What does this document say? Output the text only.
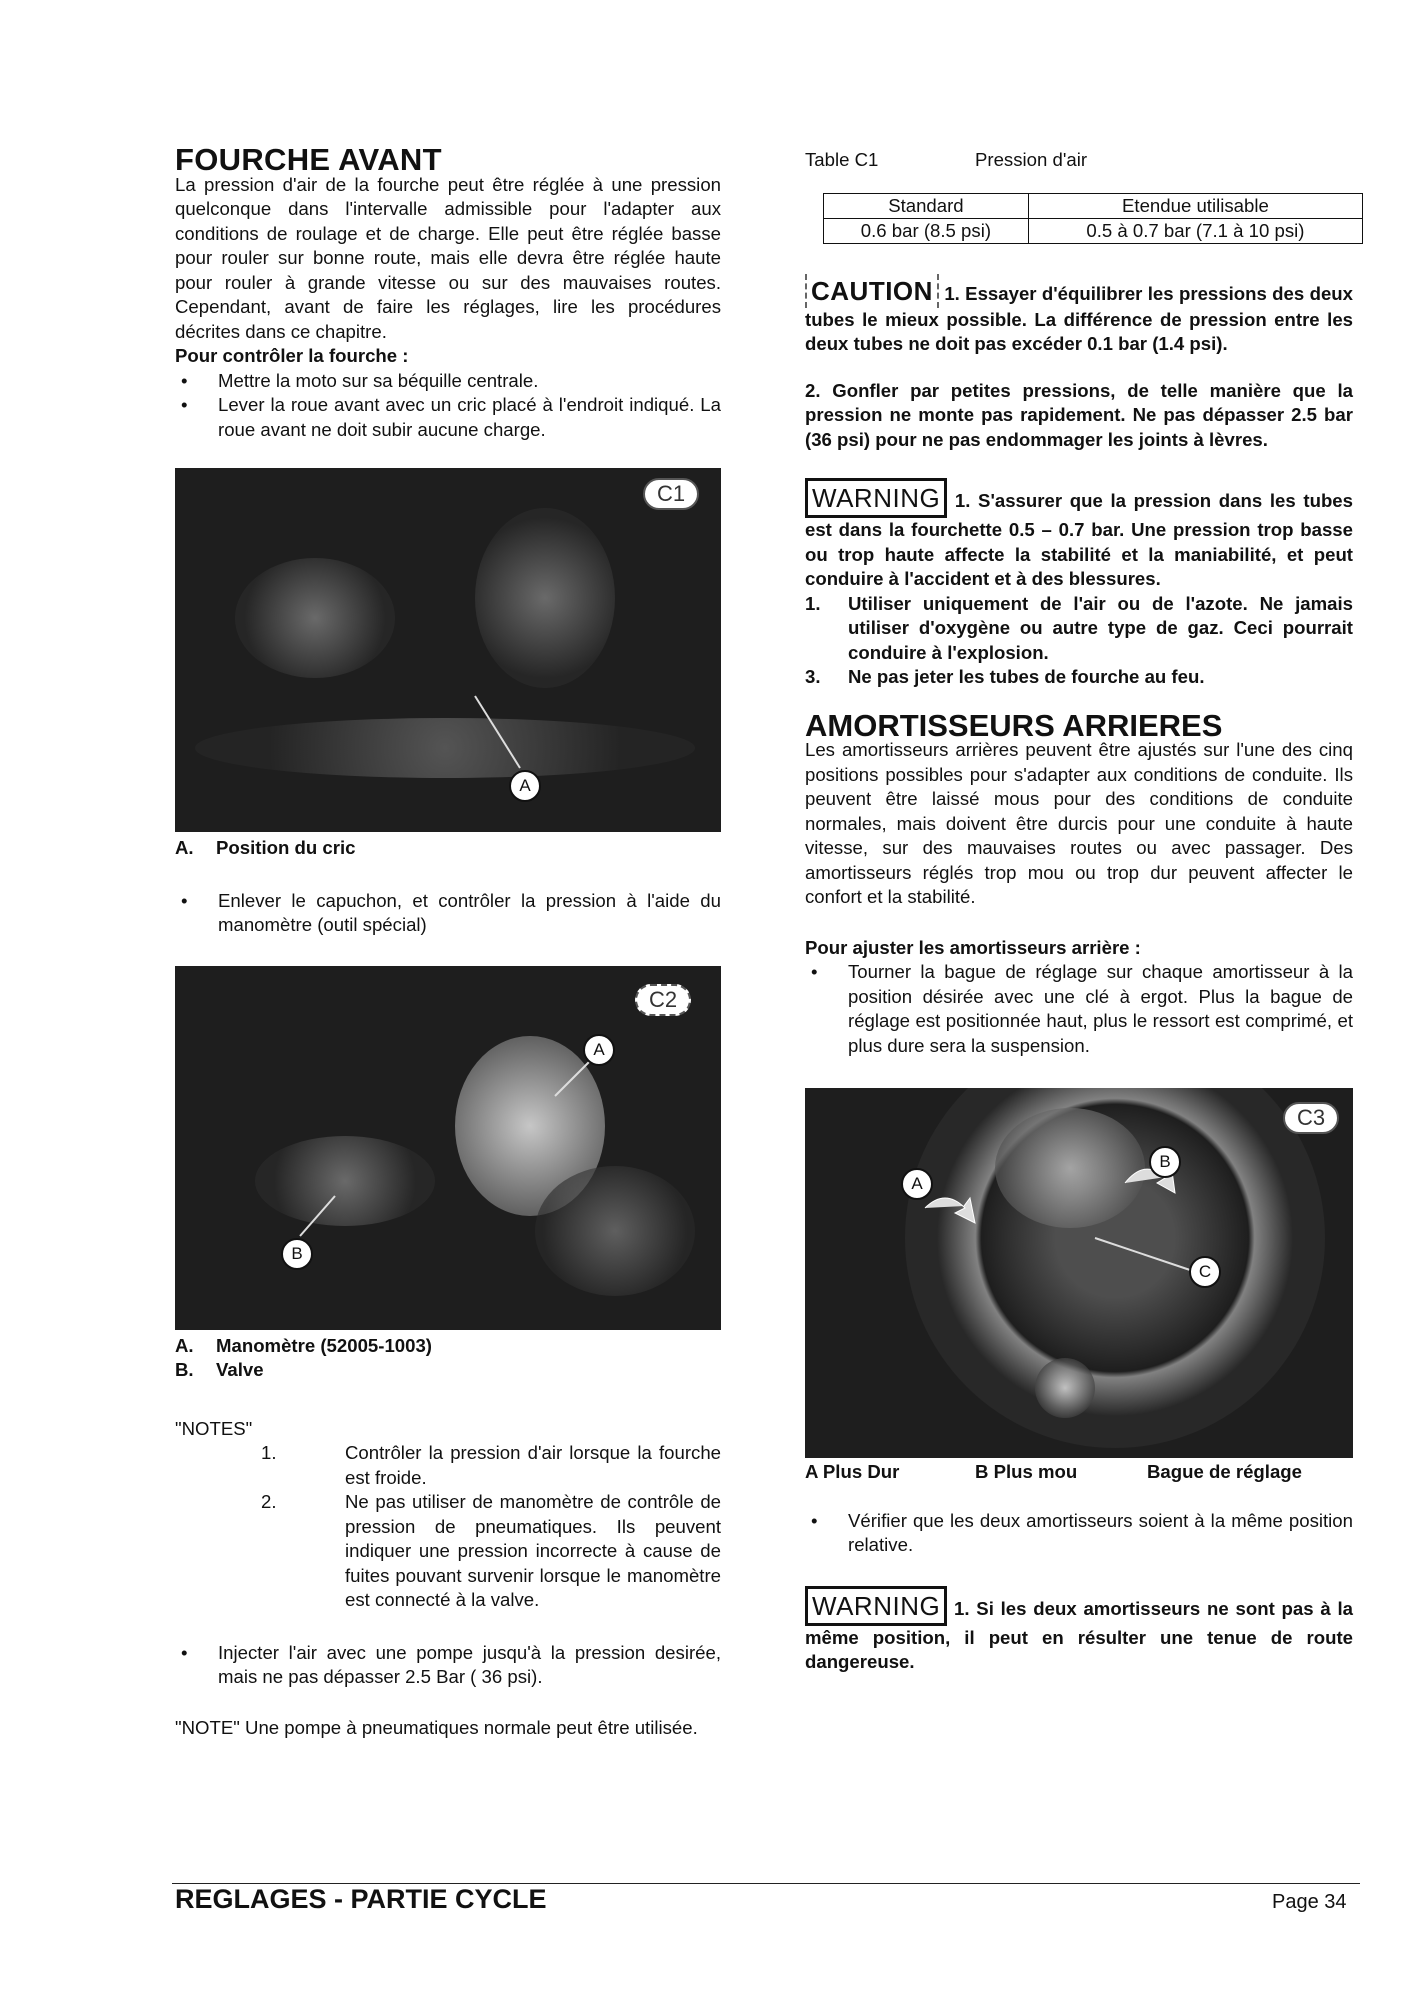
FOURCHE AVANT

La pression d'air de la fourche peut être réglée à une pression quelconque dans l'intervalle admissible pour l'adapter aux conditions de roulage et de charge. Elle peut être réglée basse pour rouler sur bonne route, mais elle devra être réglée haute pour rouler à grande vitesse ou sur des mauvaises routes. Cependant, avant de faire les réglages, lire les procédures décrites dans ce chapitre.

Pour contrôler la fourche :
• Mettre la moto sur sa béquille centrale.
• Lever la roue avant avec un cric placé à l'endroit indiqué. La roue avant ne doit subir aucune charge.
C1
A
A. Position du cric
• Enlever le capuchon, et contrôler la pression à l'aide du manomètre (outil spécial)
C2
A
B
A. Manomètre (52005-1003)
B. Valve
"NOTES"
1.	Contrôler la pression d'air lorsque la fourche est froide.
2.	Ne pas utiliser de manomètre de contrôle de pression de pneumatiques. Ils peuvent indiquer une pression incorrecte à cause de fuites pouvant survenir lorsque le manomètre est connecté à la valve.
• Injecter l'air avec une pompe jusqu'à la pression desirée, mais ne pas dépasser 2.5 Bar ( 36 psi).

"NOTE" Une pompe à pneumatiques normale peut être utilisée.

Table C1	Pression d'air
Standard	Etendue utilisable
0.6 bar (8.5 psi)	0.5 à 0.7 bar (7.1 à 10 psi)

CAUTION 1. Essayer d'équilibrer les pressions des deux tubes le mieux possible. La différence de pression entre les deux tubes ne doit pas excéder 0.1 bar (1.4 psi).

2. Gonfler par petites pressions, de telle manière que la pression ne monte pas rapidement. Ne pas dépasser 2.5 bar (36 psi) pour ne pas endommager les joints à lèvres.

WARNING 1. S'assurer que la pression dans les tubes est dans la fourchette 0.5 – 0.7 bar. Une pression trop basse ou trop haute affecte la stabilité et la maniabilité, et peut conduire à l'accident et à des blessures.

1. Utiliser uniquement de l'air ou de l'azote. Ne jamais utiliser d'oxygène ou autre type de gaz. Ceci pourrait conduire à l'explosion.
3. Ne pas jeter les tubes de fourche au feu.
AMORTISSEURS ARRIERES

Les amortisseurs arrières peuvent être ajustés sur l'une des cinq positions possibles pour s'adapter aux conditions de conduite. Ils peuvent être laissé mous pour des conditions de conduite normales, mais doivent être durcis pour une conduite à haute vitesse, sur des mauvaises routes ou avec passager. Des amortisseurs réglés trop mou ou trop dur peuvent affecter le confort et la stabilité.

Pour ajuster les amortisseurs arrière :
• Tourner la bague de réglage sur chaque amortisseur à la position désirée avec une clé à ergot. Plus la bague de réglage est positionnée haut, plus le ressort est comprimé, et plus dure sera la suspension.
C3
A
B
C
A Plus Dur	B Plus mou	Bague de réglage
• Vérifier que les deux amortisseurs soient à la même position relative.

WARNING 1. Si les deux amortisseurs ne sont pas à la même position, il peut en résulter une tenue de route dangereuse.

REGLAGES - PARTIE CYCLE	Page 34
